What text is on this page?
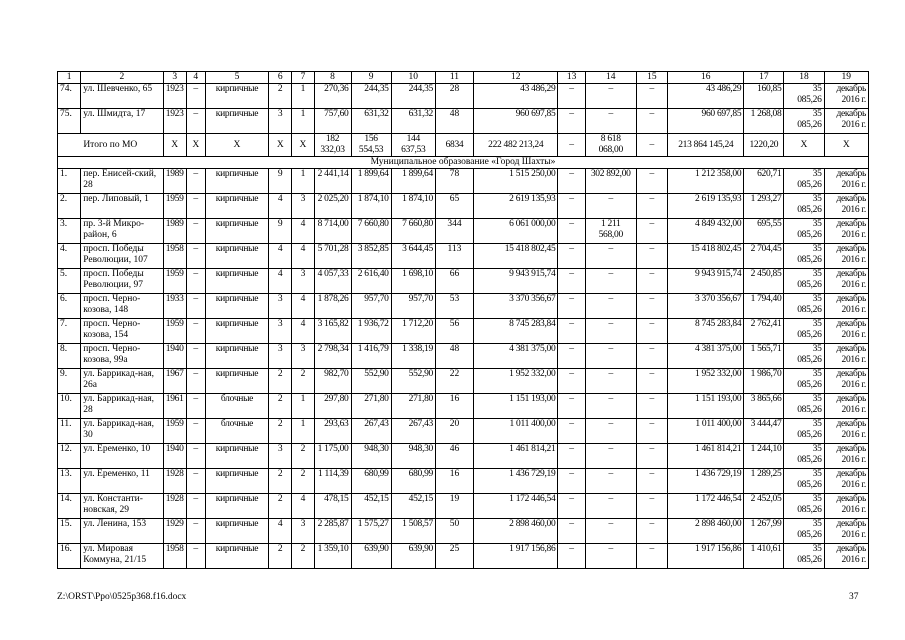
1	2	3	4	5	6	7	8	9	10	11	12	13	14	15	16	17	18	19
74.	ул. Шевченко, 65	1923	–	кирпичные	2	1	270,36	244,35	244,35	28	43 486,29	–	–	–	43 486,29	160,85	35 085,26	декабрь 2016 г.
75.	ул. Шмидта, 17	1923	–	кирпичные	3	1	757,60	631,32	631,32	48	960 697,85	–	–	–	960 697,85	1 268,08	35 085,26	декабрь 2016 г.
Итого по МО		X	X	X	X	X	182 332,03	156 554,53	144 637,53	6834	222 482 213,24	–	8 618 068,00	–	213 864 145,24	1220,20	X	X
Муниципальное образование «Город Шахты»																		
1.	пер. Енисей-ский, 28	1989	–	кирпичные	9	1	2 441,14	1 899,64	1 899,64	78	1 515 250,00	–	302 892,00	–	1 212 358,00	620,71	35 085,26	декабрь 2016 г.
2.	пер. Липовый, 1	1959	–	кирпичные	4	3	2 025,20	1 874,10	1 874,10	65	2 619 135,93	–	–	–	2 619 135,93	1 293,27	35 085,26	декабрь 2016 г.
3.	пр. 3-й Микро-район, 6	1989	–	кирпичные	9	4	8 714,00	7 660,80	7 660,80	344	6 061 000,00	–	1 211 568,00	–	4 849 432,00	695,55	35 085,26	декабрь 2016 г.
4.	просп. Победы Революции, 107	1958	–	кирпичные	4	4	5 701,28	3 852,85	3 644,45	113	15 418 802,45	–	–	–	15 418 802,45	2 704,45	35 085,26	декабрь 2016 г.
5.	просп. Победы Революции, 97	1959	–	кирпичные	4	3	4 057,33	2 616,40	1 698,10	66	9 943 915,74	–	–	–	9 943 915,74	2 450,85	35 085,26	декабрь 2016 г.
6.	просп. Черно-козова, 148	1933	–	кирпичные	3	4	1 878,26	957,70	957,70	53	3 370 356,67	–	–	–	3 370 356,67	1 794,40	35 085,26	декабрь 2016 г.
7.	просп. Черно-козова, 154	1959	–	кирпичные	3	4	3 165,82	1 936,72	1 712,20	56	8 745 283,84	–	–	–	8 745 283,84	2 762,41	35 085,26	декабрь 2016 г.
8.	просп. Черно-козова, 99а	1940	–	кирпичные	3	3	2 798,34	1 416,79	1 338,19	48	4 381 375,00	–	–	–	4 381 375,00	1 565,71	35 085,26	декабрь 2016 г.
9.	ул. Баррикад-ная, 26а	1967	–	кирпичные	2	2	982,70	552,90	552,90	22	1 952 332,00	–	–	–	1 952 332,00	1 986,70	35 085,26	декабрь 2016 г.
10.	ул. Баррикад-ная, 28	1961	–	блочные	2	1	297,80	271,80	271,80	16	1 151 193,00	–	–	–	1 151 193,00	3 865,66	35 085,26	декабрь 2016 г.
11.	ул. Баррикад-ная, 30	1959	–	блочные	2	1	293,63	267,43	267,43	20	1 011 400,00	–	–	–	1 011 400,00	3 444,47	35 085,26	декабрь 2016 г.
12.	ул. Еременко, 10	1940	–	кирпичные	3	2	1 175,00	948,30	948,30	46	1 461 814,21	–	–	–	1 461 814,21	1 244,10	35 085,26	декабрь 2016 г.
13.	ул. Еременко, 11	1928	–	кирпичные	2	2	1 114,39	680,99	680,99	16	1 436 729,19	–	–	–	1 436 729,19	1 289,25	35 085,26	декабрь 2016 г.
14.	ул. Константи-новская, 29	1928	–	кирпичные	2	4	478,15	452,15	452,15	19	1 172 446,54	–	–	–	1 172 446,54	2 452,05	35 085,26	декабрь 2016 г.
15.	ул. Ленина, 153	1929	–	кирпичные	4	3	2 285,87	1 575,27	1 508,57	50	2 898 460,00	–	–	–	2 898 460,00	1 267,99	35 085,26	декабрь 2016 г.
16.	ул. Мировая Коммуна, 21/15	1958	–	кирпичные	2	2	1 359,10	639,90	639,90	25	1 917 156,86	–	–	–	1 917 156,86	1 410,61	35 085,26	декабрь 2016 г.
Z:\ORST\Ppo\0525p368.f16.docx	37
